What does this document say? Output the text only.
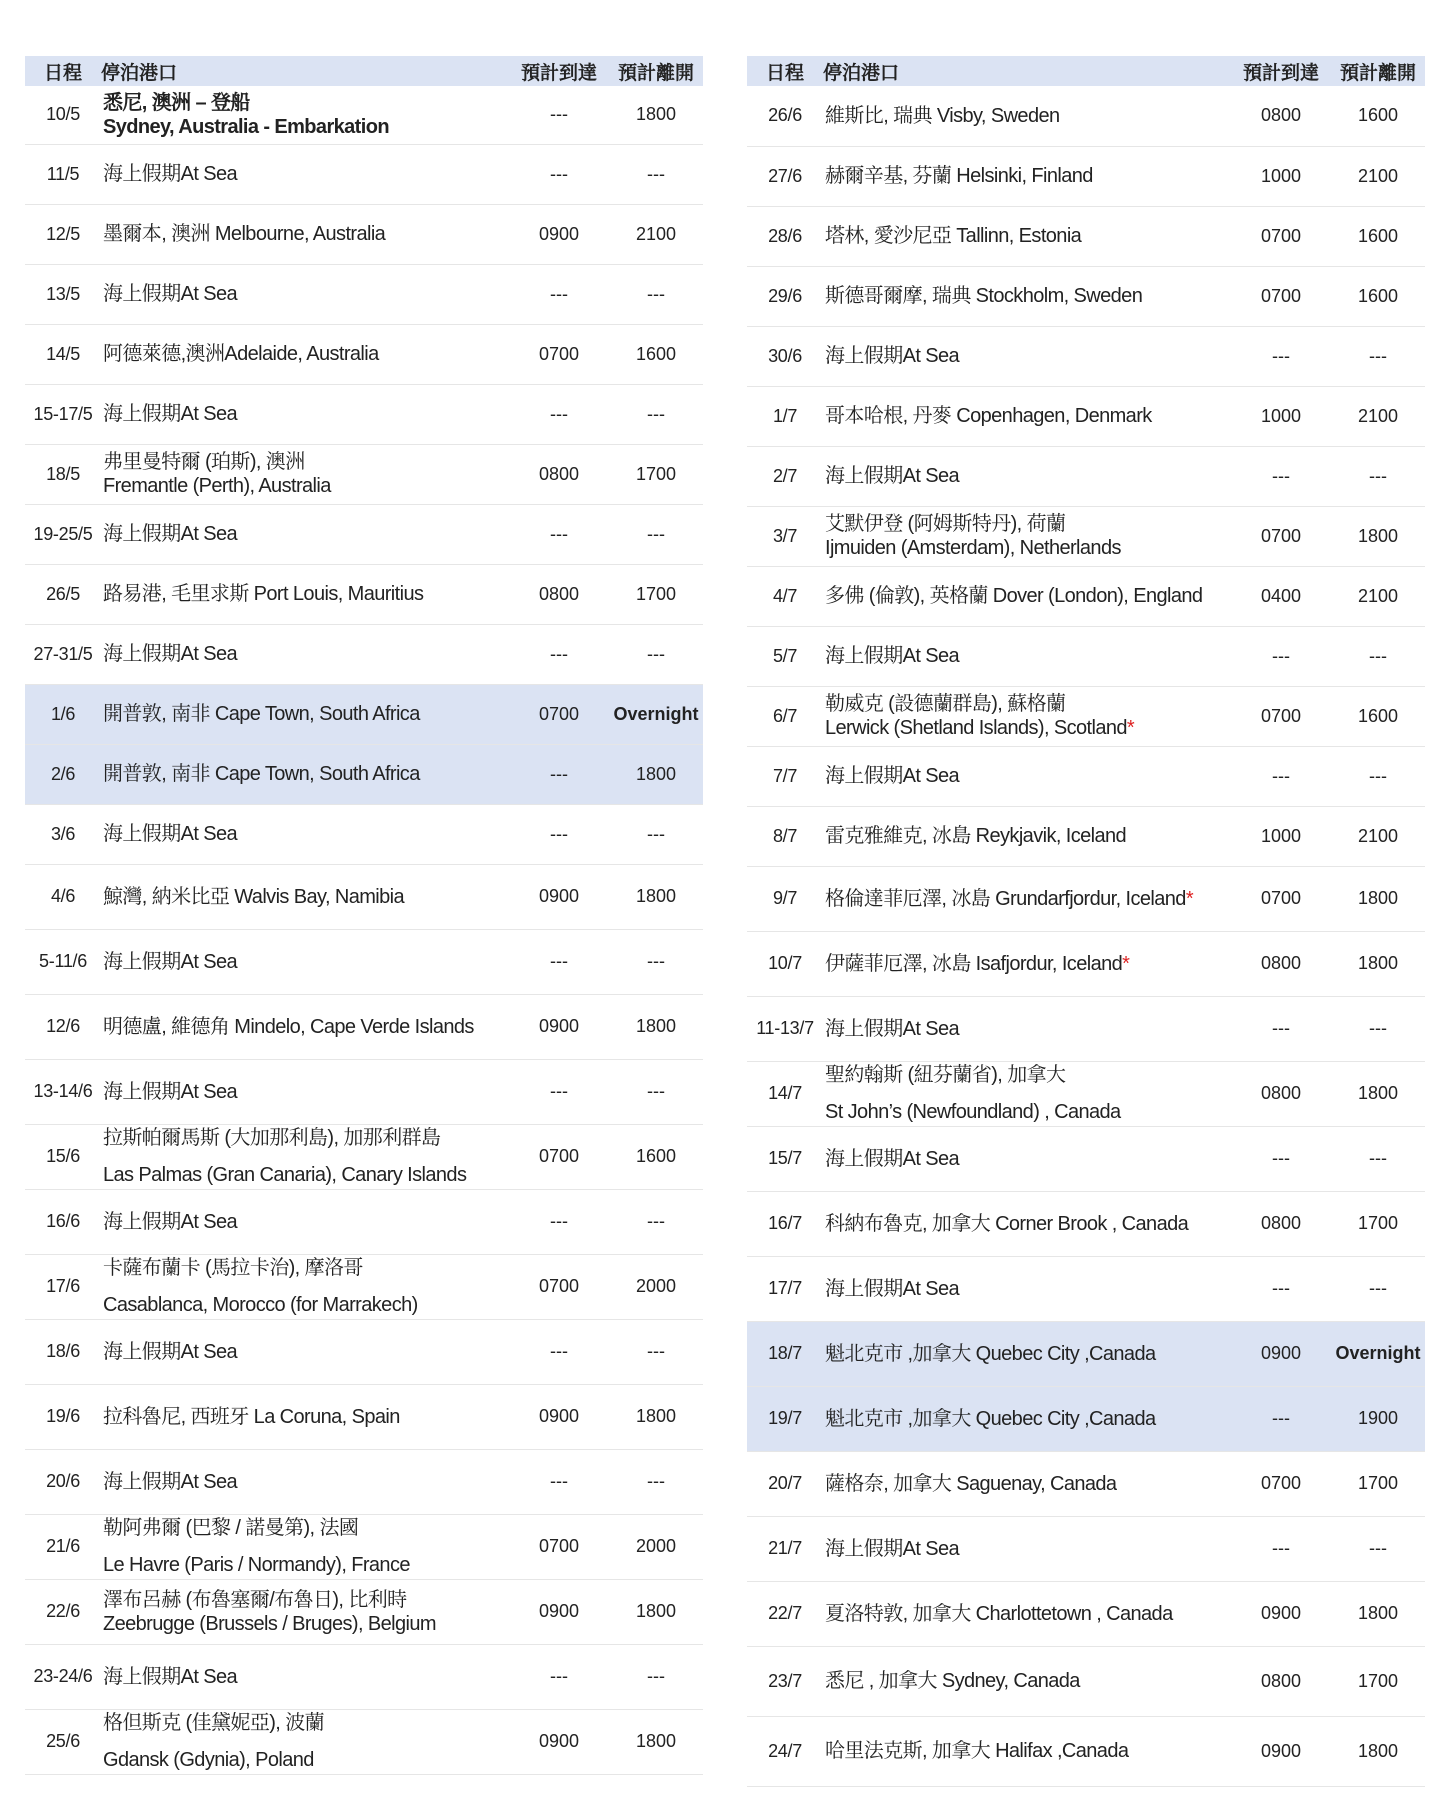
日程	停泊港口	預計到達	預計離開
10/5	悉尼, 澳洲 – 登船
Sydney, Australia - Embarkation	---	1800
11/5	海上假期At Sea	---	---
12/5	墨爾本, 澳洲 Melbourne, Australia	0900	2100
13/5	海上假期At Sea	---	---
14/5	阿德萊德,澳洲Adelaide, Australia	0700	1600
15-17/5	海上假期At Sea	---	---
18/5	弗里曼特爾 (珀斯), 澳洲
Fremantle (Perth), Australia	0800	1700
19-25/5	海上假期At Sea	---	---
26/5	路易港, 毛里求斯 Port Louis, Mauritius	0800	1700
27-31/5	海上假期At Sea	---	---
1/6	開普敦, 南非 Cape Town, South Africa	0700	Overnight
2/6	開普敦, 南非 Cape Town, South Africa	---	1800
3/6	海上假期At Sea	---	---
4/6	鯨灣, 納米比亞 Walvis Bay, Namibia	0900	1800
5-11/6	海上假期At Sea	---	---
12/6	明德盧, 維德角 Mindelo, Cape Verde Islands	0900	1800
13-14/6	海上假期At Sea	---	---
15/6	拉斯帕爾馬斯 (大加那利島), 加那利群島
Las Palmas (Gran Canaria), Canary Islands	0700	1600
16/6	海上假期At Sea	---	---
17/6	卡薩布蘭卡 (馬拉卡治), 摩洛哥
Casablanca, Morocco (for Marrakech)	0700	2000
18/6	海上假期At Sea	---	---
19/6	拉科魯尼, 西班牙 La Coruna, Spain	0900	1800
20/6	海上假期At Sea	---	---
21/6	勒阿弗爾 (巴黎 / 諾曼第), 法國
Le Havre (Paris / Normandy), France	0700	2000
22/6	澤布呂赫 (布魯塞爾/布魯日), 比利時
Zeebrugge (Brussels / Bruges), Belgium	0900	1800
23-24/6	海上假期At Sea	---	---
25/6	格但斯克 (佳黛妮亞), 波蘭
Gdansk (Gdynia), Poland	0900	1800
日程	停泊港口	預計到達	預計離開
26/6	維斯比, 瑞典 Visby, Sweden	0800	1600
27/6	赫爾辛基, 芬蘭 Helsinki, Finland	1000	2100
28/6	塔林, 愛沙尼亞 Tallinn, Estonia	0700	1600
29/6	斯德哥爾摩, 瑞典 Stockholm, Sweden	0700	1600
30/6	海上假期At Sea	---	---
1/7	哥本哈根, 丹麥 Copenhagen, Denmark	1000	2100
2/7	海上假期At Sea	---	---
3/7	艾默伊登 (阿姆斯特丹), 荷蘭
Ijmuiden (Amsterdam), Netherlands	0700	1800
4/7	多佛 (倫敦), 英格蘭 Dover (London), England	0400	2100
5/7	海上假期At Sea	---	---
6/7	勒威克 (設德蘭群島), 蘇格蘭
Lerwick (Shetland Islands), Scotland*	0700	1600
7/7	海上假期At Sea	---	---
8/7	雷克雅維克, 冰島 Reykjavik, Iceland	1000	2100
9/7	格倫達菲厄澤, 冰島 Grundarfjordur, Iceland*	0700	1800
10/7	伊薩菲厄澤, 冰島 Isafjordur, Iceland*	0800	1800
11-13/7	海上假期At Sea	---	---
14/7	聖約翰斯 (紐芬蘭省), 加拿大
St John’s (Newfoundland) , Canada	0800	1800
15/7	海上假期At Sea	---	---
16/7	科納布魯克, 加拿大 Corner Brook , Canada	0800	1700
17/7	海上假期At Sea	---	---
18/7	魁北克市 ,加拿大 Quebec City ,Canada	0900	Overnight
19/7	魁北克市 ,加拿大 Quebec City ,Canada	---	1900
20/7	薩格奈, 加拿大 Saguenay, Canada	0700	1700
21/7	海上假期At Sea	---	---
22/7	夏洛特敦, 加拿大 Charlottetown , Canada	0900	1800
23/7	悉尼 , 加拿大 Sydney, Canada	0800	1700
24/7	哈里法克斯, 加拿大 Halifax ,Canada	0900	1800
